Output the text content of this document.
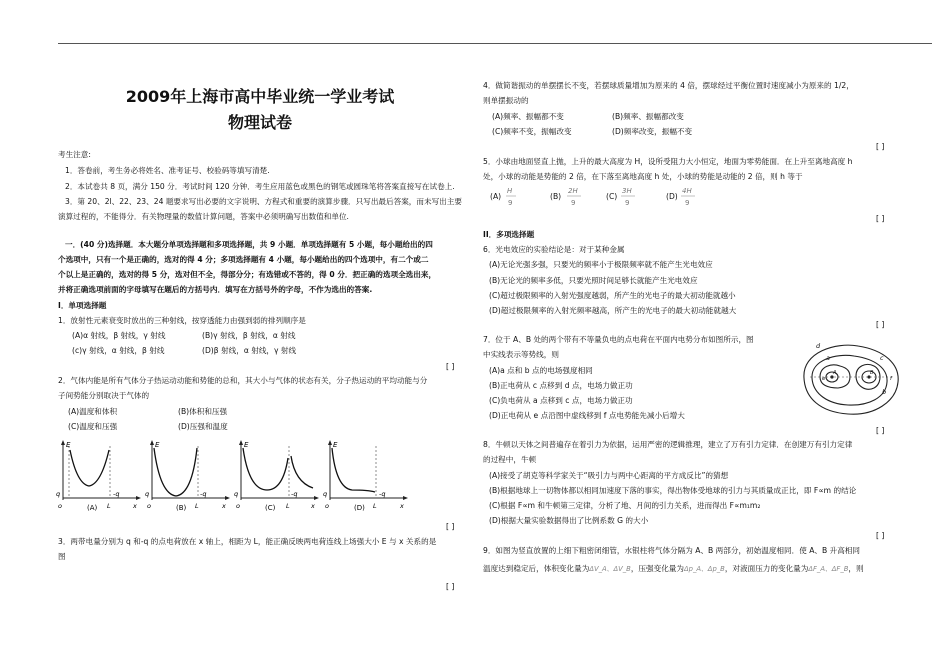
2009年上海市高中毕业统一学业考试
物理试卷
考生注意:
1．答卷前，考生务必将姓名、准考证号、校验码等填写清楚.
2．本试卷共 8 页，满分 150 分．考试时间 120 分钟．考生应用蓝色或黑色的钢笔或圆珠笔将答案直接写在试卷上.
3．第 20、2l、22、23、24 题要求写出必要的文字说明、方程式和重要的演算步骤．只写出最后答案，而未写出主要
演算过程的，不能得分．有关物理量的数值计算问题，答案中必须明确写出数值和单位.
一．(40 分)选择题．本大题分单项选择题和多项选择题，共 9 小题．单项选择题有 5 小题，每小题给出的四
个选项中，只有一个是正确的，选对的得 4 分；多项选择题有 4 小题，每小题给出的四个选项中，有二个或二
个以上是正确的，选对的得 5 分，选对但不全，得部分分；有选错或不答的，得 0 分．把正确的选项全选出来，
并将正确选项前面的字母填写在题后的方括号内．填写在方括号外的字母，不作为选出的答案.
I．单项选择题
1．放射性元素衰变时放出的三种射线，按穿透能力由强到弱的排列顺序是
(A)α 射线，β 射线，γ 射线	(B)γ 射线，β 射线，α 射线
(c)γ 射线，α 射线，β 射线	(D)β 射线，α 射线，γ 射线
[ ]
2．气体内能是所有气体分子热运动动能和势能的总和，其大小与气体的状态有关，分子热运动的平均动能与分
子间势能分别取决于气体的
(A)温度和体积	(B)体积和压强
(C)温度和压强	(D)压强和温度
E
q	-q
o	L	x
(A)
E
q	-q
o	L	x
(B)
E
q	-q
o	L	x
(C)
E
q	-q
o	L	x
(D)
[ ]
3．两带电量分别为 q 和-q 的点电荷放在 x 轴上，相距为 L，能正确反映两电荷连线上场强大小 E 与 x 关系的是
图
[ ]
4．做简谐振动的单摆摆长不变，若摆球质量增加为原来的 4 倍，摆球经过平衡位置时速度减小为原来的 1/2，
则单摆振动的
(A)频率、振幅都不变	(B)频率、振幅都改变
(C)频率不变，振幅改变	(D)频率改变，振幅不变
[ ]
5．小球由地面竖直上抛，上升的最大高度为 H，设所受阻力大小恒定，地面为零势能面．在上升至离地高度 h
处，小球的动能是势能的 2 倍，在下落至离地高度 h 处，小球的势能是动能的 2 倍，则 h 等于
(A)
H
9
(B)
2H
9
(C)
3H
9
(D)
4H
9
[ ]
II．多项选择题
6．光电效应的实验结论是：对于某种金属
(A)无论光强多强，只要光的频率小于极限频率就不能产生光电效应
(B)无论光的频率多低，只要光照时间足够长就能产生光电效应
(C)超过极限频率的入射光强度越弱，所产生的光电子的最大初动能就越小
(D)超过极限频率的入射光频率越高，所产生的光电子的最大初动能就越大
[ ]
7．位于 A、B 处的两个带有不等量负电的点电荷在平面内电势分布如图所示，图
中实线表示等势线，则
(A)a 点和 b 点的电场强度相同
(B)正电荷从 c 点移到 d 点，电场力做正功
(C)负电荷从 a 点移到 c 点，电场力做正功
(D)正电荷从 e 点沿图中虚线移到 f 点电势能先减小后增大
d
a	c
b
e	f
A	B
[ ]
8．牛顿以天体之间普遍存在着引力为依据，运用严密的逻辑推理，建立了万有引力定律．在创建万有引力定律
的过程中，牛顿
(A)接受了胡克等科学家关于“吸引力与两中心距离的平方成反比”的猜想
(B)根据地球上一切物体都以相同加速度下落的事实，得出物体受地球的引力与其质量成正比，即 F∝m 的结论
(C)根据 F∝m 和牛顿第三定律，分析了地、月间的引力关系，进而得出 F∝m₁m₂
(D)根据大量实验数据得出了比例系数 G 的大小
[ ]
9．如图为竖直放置的上细下粗密闭细管，水银柱将气体分隔为 A、B 两部分，初始温度相同．使 A、B 升高相同
温度达到稳定后，体积变化量为ΔV_A、ΔV_B，压强变化量为Δp_A、Δp_B，对液面压力的变化量为ΔF_A、ΔF_B，则
